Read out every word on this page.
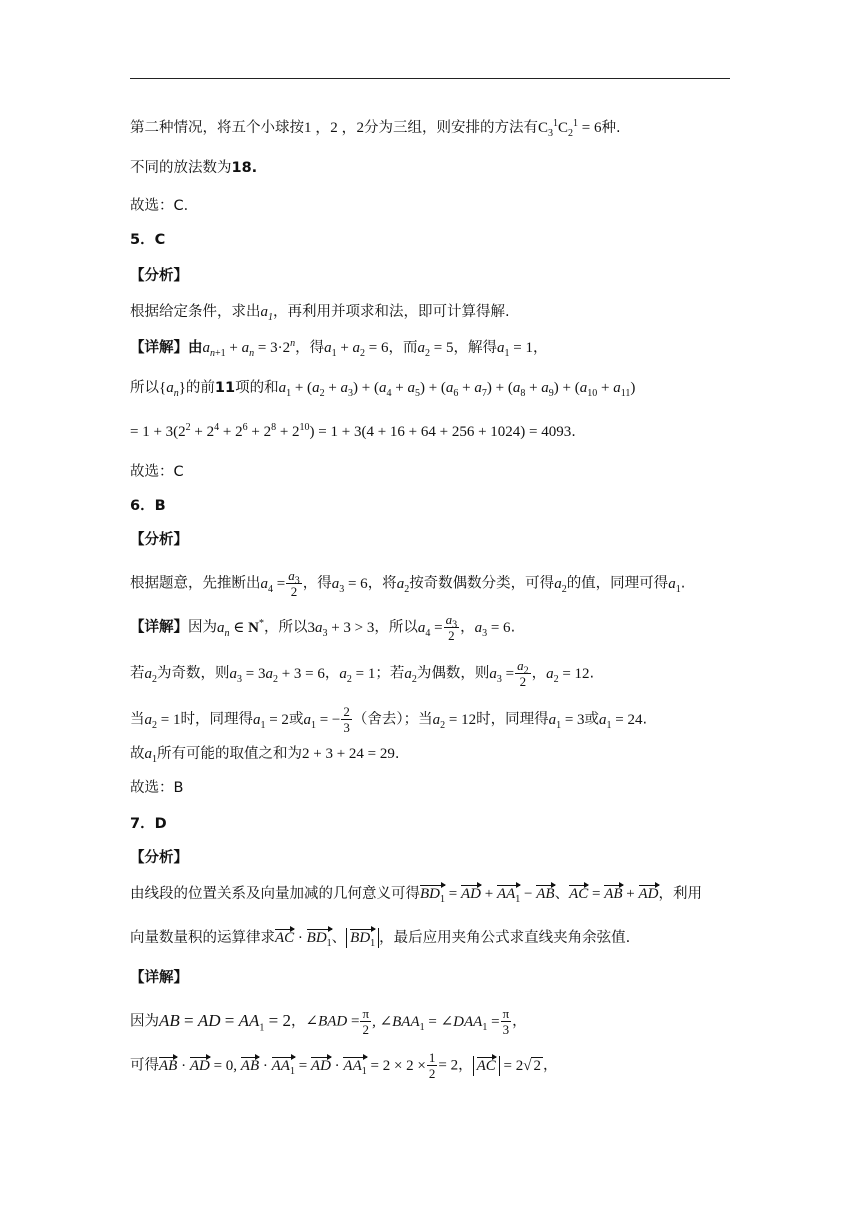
第二种情况，将五个小球按1 ，2 ，2分为三组，则安排的方法有$C_3^1C_2^1 = 6$种.
不同的放法数为18.
故选：C．
5．C
【分析】
根据给定条件，求出$a_1$，再利用并项求和法，即可计算得解.
【详解】由$a_{n+1} + a_n = 3\cdot 2^n$，得$a_1 + a_2 = 6$，而$a_2 = 5$，解得$a_1 = 1$，
所以$\{a_n\}$的前11项的和$a_1 + (a_2 + a_3) + (a_4 + a_5) + (a_6 + a_7) + (a_8 + a_9) + (a_{10} + a_{11})$
= $1 + 3(2^2 + 2^4 + 2^6 + 2^8 + 2^{10}) = 1 + 3(4 + 16 + 64 + 256 + 1024) = 4093$.
故选：C
6．B
【分析】
根据题意，先推断出$a_4 = \frac{a_3}{2}$ ，得$a_3 = 6$，将$a_2$按奇数偶数分类，可得$a_2$的值，同理可得$a_1$.
【详解】因为$a_n$ ∈ N*，所以$3a_3 + 3 > 3$，所以$a_4 = \frac{a_3}{2}$ ，$a_3 = 6$.
若$a_2$为奇数，则$a_3 = 3a_2 + 3 = 6$，$a_2 = 1$；若$a_2$为偶数，则$a_3 = \frac{a_2}{2}$ ，$a_2 = 12$.
当$a_2 = 1$时，同理得$a_1 = 2$或$a_1$ = − $\frac{2}{3}$ （舍去）；当$a_2 = 12$时，同理得$a_1 = 3$或$a_1 = 24$.
故$a_1$所有可能的取值之和为2 + 3 + 24 = 29.
故选：B
7．D
【分析】
由线段的位置关系及向量加减的几何意义可得$BD_1$ = AD + $AA_1$ − AB、AC = AB + AD，利用
向量数量积的运算律求AC · $BD_1$、 $BD_1$ ，最后应用夹角公式求直线夹角余弦值.
【详解】
因为AB = AD = $AA_1 = 2$，∠BAD = $\frac{\pi}{2}$ , $\angle BAA_1$ = $\angle DAA_1 = \frac{\pi}{3}$ ，
可得AB · AD = 0, AB · $AA_1$ = AD · $AA_1 = 2 \times 2 \times \frac{1}{2} = 2$， AC = 2√ 2 ，
